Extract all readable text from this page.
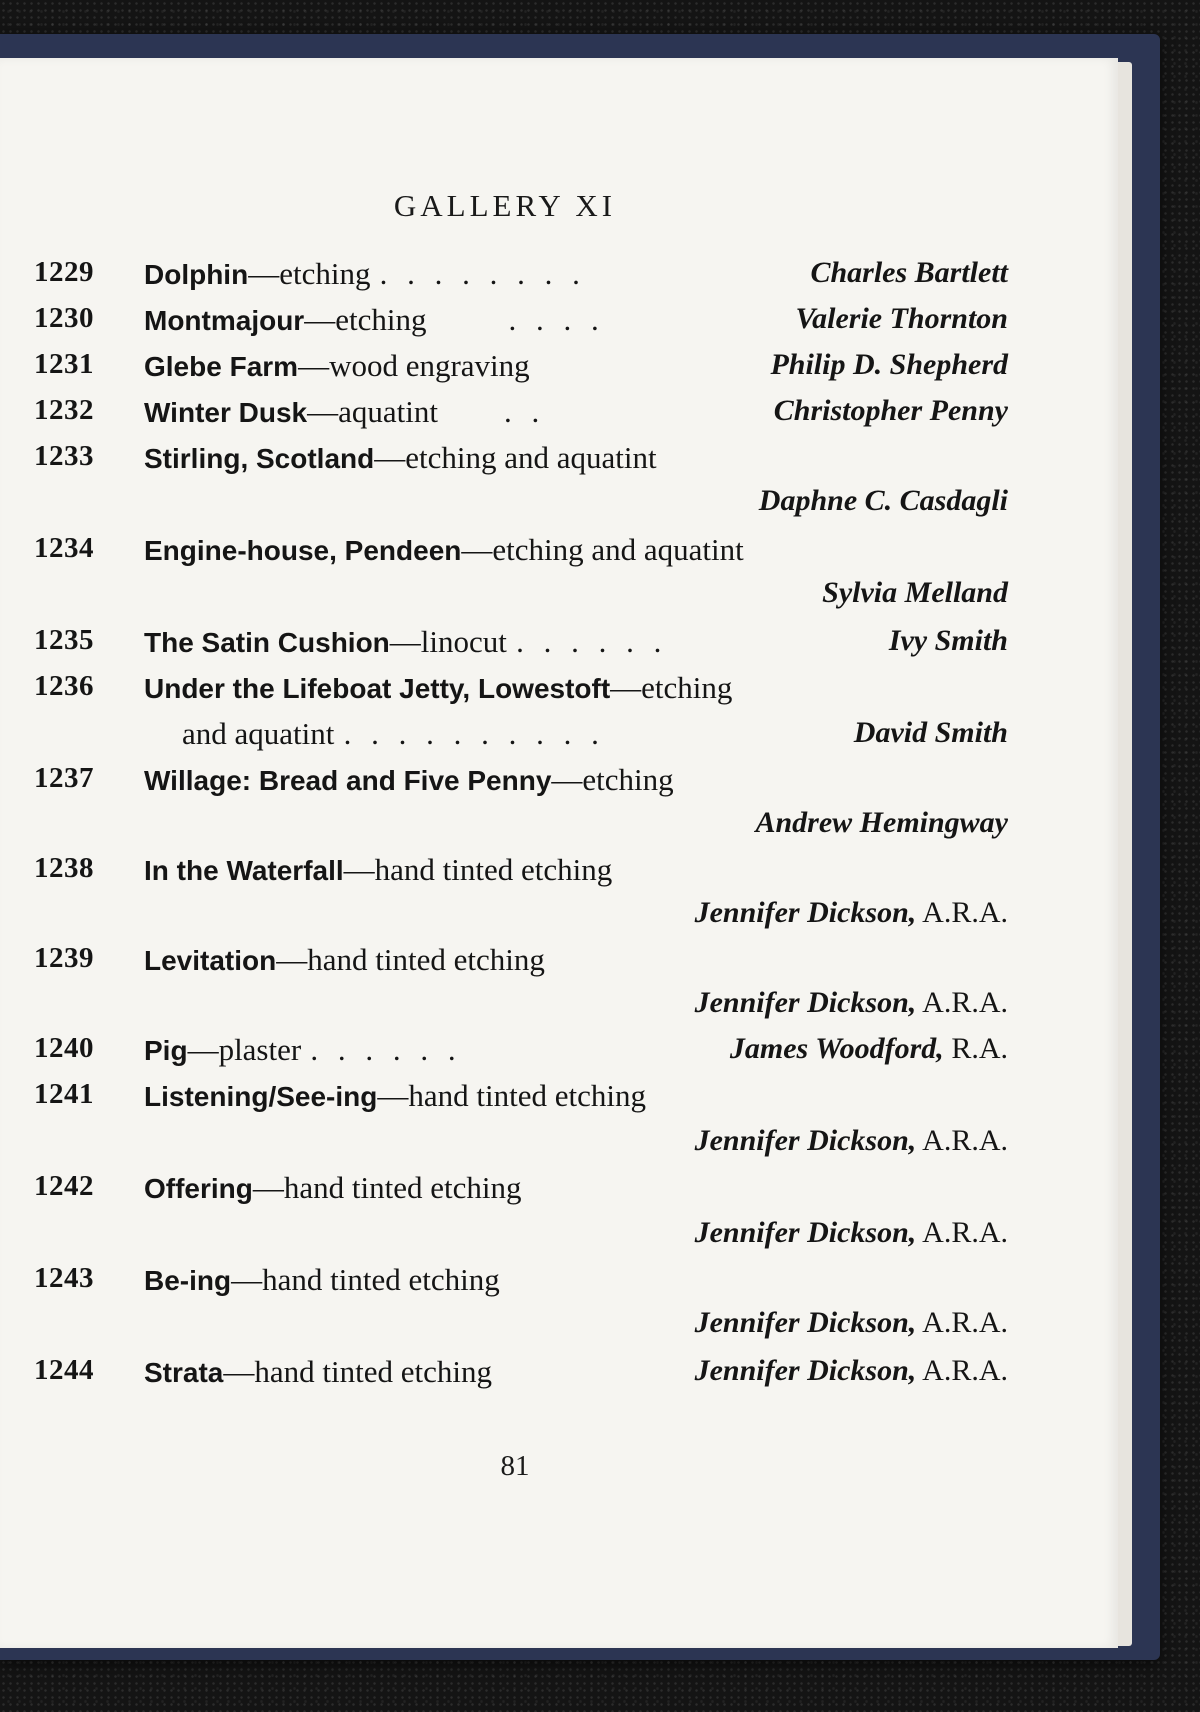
GALLERY XI
1229 Dolphin—etching . . . . . . . .	Charles Bartlett
1230 Montmajour—etching	. . . .	Valerie Thornton
1231 Glebe Farm—wood engraving	Philip D. Shepherd
1232 Winter Dusk—aquatint . .	Christopher Penny
1233 Stirling, Scotland—etching and aquatint
Daphne C. Casdagli
1234 Engine-house, Pendeen—etching and aquatint
Sylvia Melland
1235 The Satin Cushion—linocut . . . . . .	Ivy Smith
1236 Under the Lifeboat Jetty, Lowestoft—etching
and aquatint . . . . . . . . . .	David Smith
1237 Willage: Bread and Five Penny—etching
Andrew Hemingway
1238 In the Waterfall—hand tinted etching
Jennifer Dickson, A.R.A.
1239 Levitation—hand tinted etching
Jennifer Dickson, A.R.A.
1240 Pig—plaster . . . . . .	James Woodford, R.A.
1241 Listening/See-ing—hand tinted etching
Jennifer Dickson, A.R.A.
1242 Offering—hand tinted etching
Jennifer Dickson, A.R.A.
1243 Be-ing—hand tinted etching
Jennifer Dickson, A.R.A.
1244 Strata—hand tinted etching	Jennifer Dickson, A.R.A.
81
